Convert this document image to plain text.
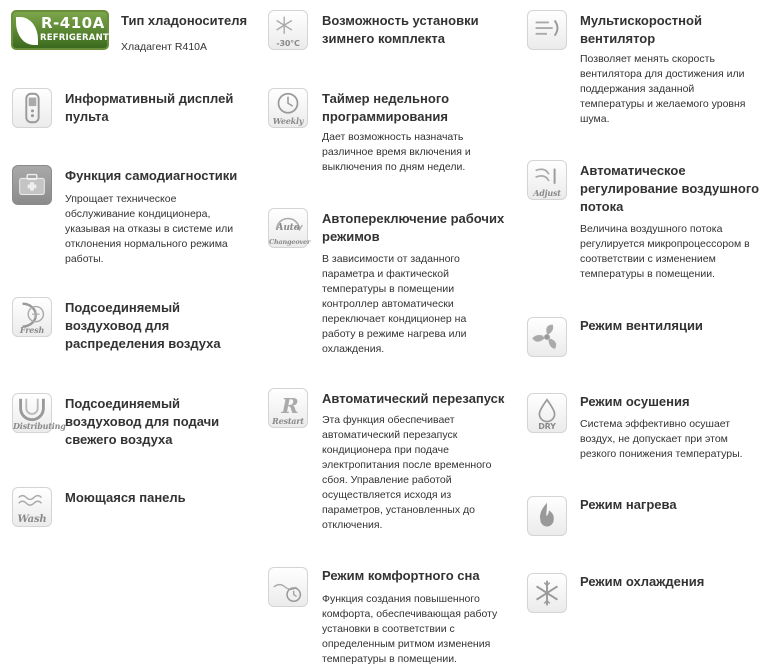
R-410A
REFRIGERANT
Тип хладоносителя
Хладагент R410A
Информативный дисплей
пульта
Функция самодиагностики
Упрощает техническое
обслуживание кондиционера,
указывая на отказы в системе или
отклонения нормального режима
работы.
Fresh
Подсоединяемый
воздуховод для
распределения воздуха
Distributing
Подсоединяемый
воздуховод для подачи
свежего воздуха
Wash
Моющаяся панель
-30°C
Возможность установки
зимнего комплекта
Weekly
Таймер недельного
программирования
Дает возможность назначать
различное время включения и
выключения по дням недели.
Auto
Changeover
Автопереключение рабочих
режимов
В зависимости от заданного
параметра и фактической
температуры в помещении
контроллер автоматически
переключает кондиционер на
работу в режиме нагрева или
охлаждения.
R
Restart
Автоматический перезапуск
Эта функция обеспечивает
автоматический перезапуск
кондиционера при подаче
электропитания после временного
сбоя. Управление работой
осуществляется исходя из
параметров, установленных до
отключения.
Режим комфортного сна
Функция создания повышенного
комфорта, обеспечивающая работу
установки в соответствии с
определенным ритмом изменения
температуры в помещении.
Мультискоростной
вентилятор
Позволяет менять скорость
вентилятора для достижения или
поддержания заданной
температуры и желаемого уровня
шума.
Adjust
Автоматическое
регулирование воздушного
потока
Величина воздушного потока
регулируется микропроцессором в
соответствии с изменением
температуры в помещении.
Режим вентиляции
DRY
Режим осушения
Система эффективно осушает
воздух, не допускает при этом
резкого понижения температуры.
Режим нагрева
Режим охлаждения
